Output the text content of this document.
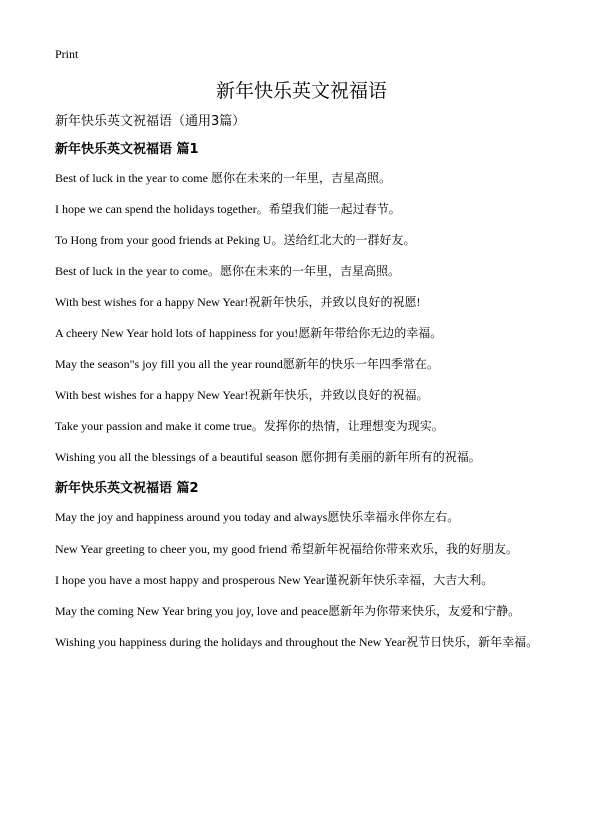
Print
新年快乐英文祝福语
新年快乐英文祝福语（通用3篇）
新年快乐英文祝福语 篇1
Best of luck in the year to come 愿你在未来的一年里，吉星高照。
I hope we can spend the holidays together。希望我们能一起过春节。
To Hong from your good friends at Peking U。送给红北大的一群好友。
Best of luck in the year to come。愿你在未来的一年里，吉星高照。
With best wishes for a happy New Year!祝新年快乐，并致以良好的祝愿!
A cheery New Year hold lots of happiness for you!愿新年带给你无边的幸福。
May the season"s joy fill you all the year round愿新年的快乐一年四季常在。
With best wishes for a happy New Year!祝新年快乐，并致以良好的祝福。
Take your passion and make it come true。发挥你的热情，让理想变为现实。
Wishing you all the blessings of a beautiful season 愿你拥有美丽的新年所有的祝福。
新年快乐英文祝福语 篇2
May the joy and happiness around you today and always愿快乐幸福永伴你左右。
New Year greeting to cheer you, my good friend 希望新年祝福给你带来欢乐，我的好朋友。
I hope you have a most happy and prosperous New Year谨祝新年快乐幸福，大吉大利。
May the coming New Year bring you joy, love and peace愿新年为你带来快乐，友爱和宁静。
Wishing you happiness during the holidays and throughout the New Year祝节日快乐，新年幸福。
